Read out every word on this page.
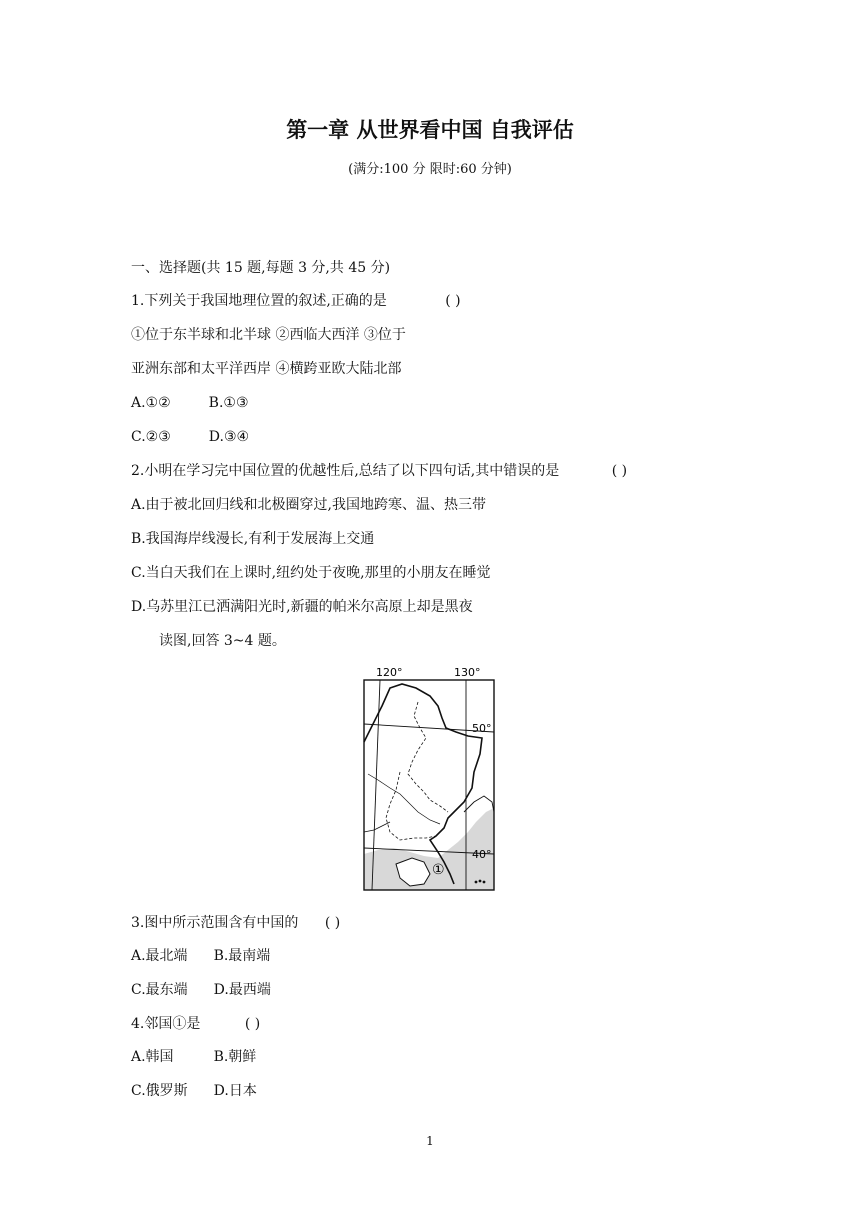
第一章 从世界看中国 自我评估
(满分:100 分 限时:60 分钟)
一、选择题(共 15 题,每题 3 分,共 45 分)
1.下列关于我国地理位置的叙述,正确的是	( )
①位于东半球和北半球 ②西临大西洋 ③位于
亚洲东部和太平洋西岸 ④横跨亚欧大陆北部
A.①②	B.①③
C.②③	D.③④
2.小明在学习完中国位置的优越性后,总结了以下四句话,其中错误的是	( )
A.由于被北回归线和北极圈穿过,我国地跨寒、温、热三带
B.我国海岸线漫长,有利于发展海上交通
C.当白天我们在上课时,纽约处于夜晚,那里的小朋友在睡觉
D.乌苏里江已洒满阳光时,新疆的帕米尔高原上却是黑夜
读图,回答 3~4 题。
①
120°	130°
50°
40°
3.图中所示范围含有中国的 ( )
A.最北端 B.最南端
C.最东端 D.最西端
4.邻国①是	( )
A.韩国	B.朝鲜
C.俄罗斯 D.日本
1
